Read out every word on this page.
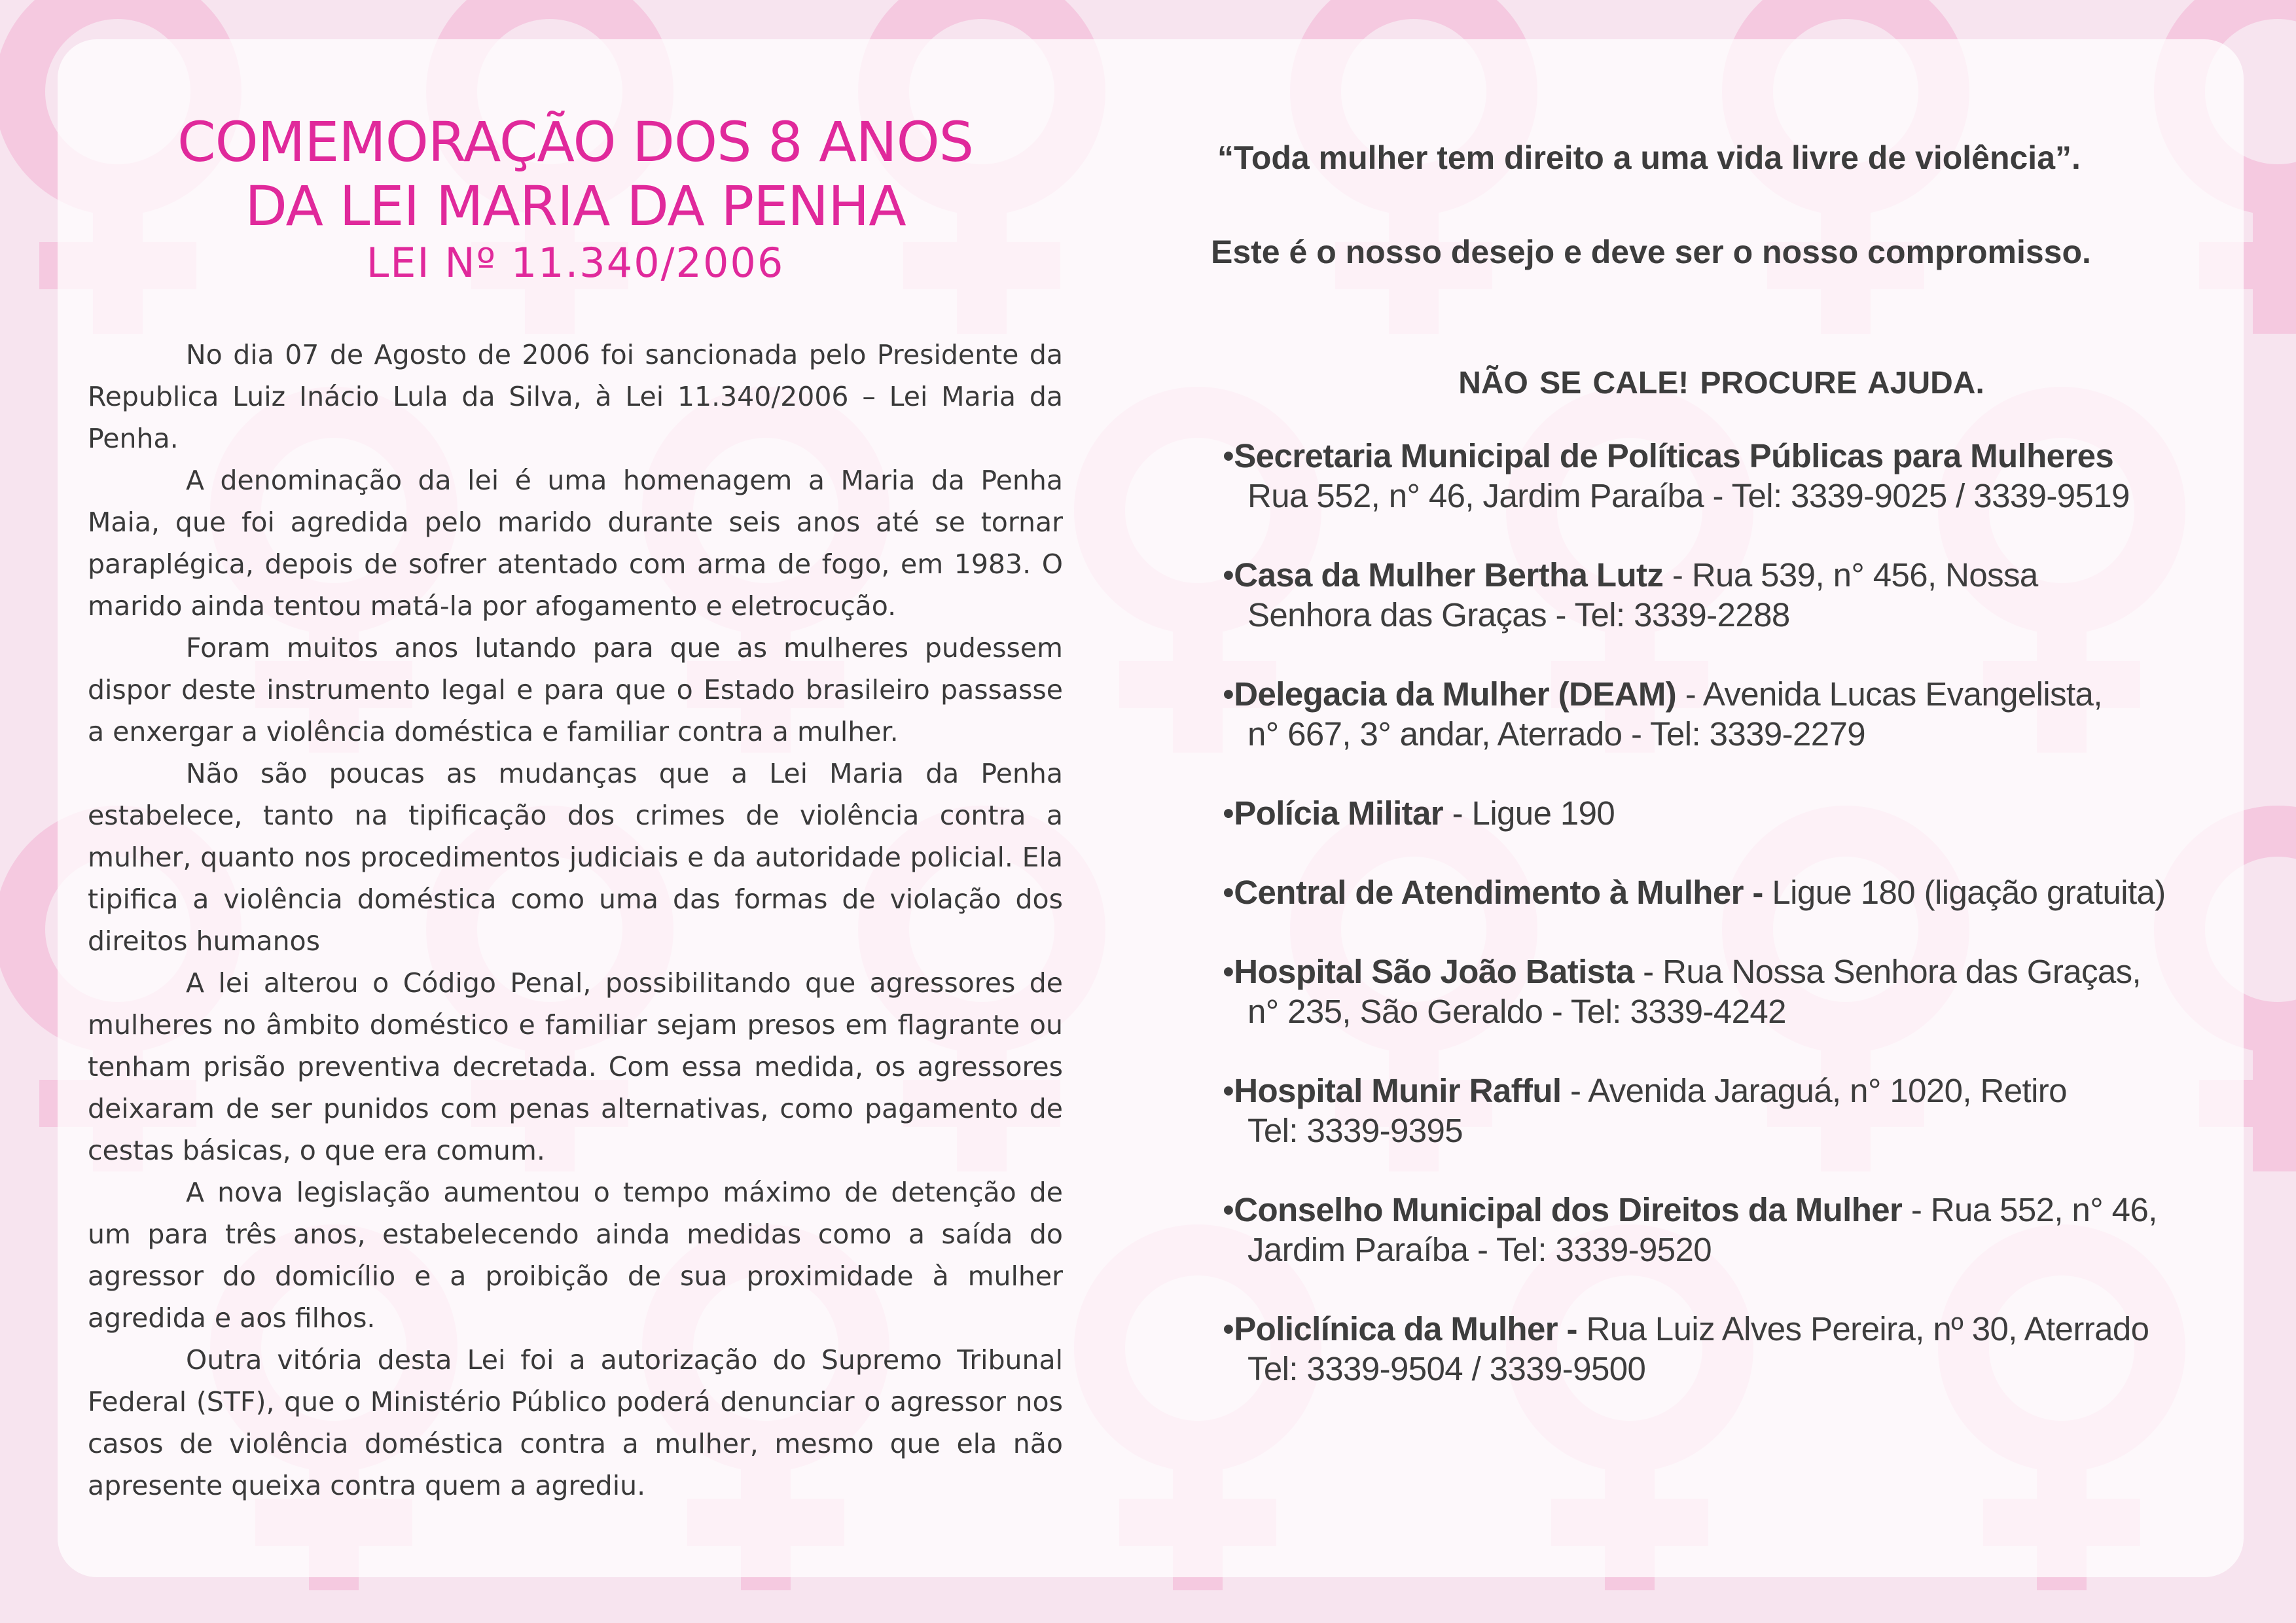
COMEMORAÇÃO DOS 8 ANOS
DA LEI MARIA DA PENHA
LEI Nº 11.340/2006

No dia 07 de Agosto de 2006 foi sancionada pelo Presidente da Republica Luiz Inácio Lula da Silva, à Lei 11.340/2006 – Lei Maria da Penha.

A denominação da lei é uma homenagem a Maria da Penha Maia, que foi agredida pelo marido durante seis anos até se tornar paraplégica, depois de sofrer atentado com arma de fogo, em 1983. O marido ainda tentou matá-la por afogamento e eletrocução.

Foram muitos anos lutando para que as mulheres pudessem dispor deste instrumento legal e para que o Estado brasileiro passasse a enxergar a violência doméstica e familiar contra a mulher.

Não são poucas as mudanças que a Lei Maria da Penha estabelece, tanto na tipificação dos crimes de violência contra a mulher, quanto nos procedimentos judiciais e da autoridade policial. Ela tipifica a violência doméstica como uma das formas de violação dos direitos humanos

A lei alterou o Código Penal, possibilitando que agressores de mulheres no âmbito doméstico e familiar sejam presos em flagrante ou tenham prisão preventiva decretada. Com essa medida, os agressores deixaram de ser punidos com penas alternativas, como pagamento de cestas básicas, o que era comum.

A nova legislação aumentou o tempo máximo de detenção de um para três anos, estabelecendo ainda medidas como a saída do agressor do domicílio e a proibição de sua proximidade à mulher agredida e aos filhos.

Outra vitória desta Lei foi a autorização do Supremo Tribunal Federal (STF), que o Ministério Público poderá denunciar o agressor nos casos de violência doméstica contra a mulher, mesmo que ela não apresente queixa contra quem a agrediu.

“Toda mulher tem direito a uma vida livre de violência”.
Este é o nosso desejo e deve ser o nosso compromisso.
NÃO SE CALE! PROCURE AJUDA.
•Secretaria Municipal de Políticas Públicas para Mulheres
Rua 552, n° 46, Jardim Paraíba - Tel: 3339-9025 / 3339-9519
•Casa da Mulher Bertha Lutz - Rua 539, n° 456, Nossa
Senhora das Graças - Tel: 3339-2288
•Delegacia da Mulher (DEAM) - Avenida Lucas Evangelista,
n° 667, 3° andar, Aterrado - Tel: 3339-2279
•Polícia Militar - Ligue 190
•Central de Atendimento à Mulher - Ligue 180 (ligação gratuita)
•Hospital São João Batista - Rua Nossa Senhora das Graças,
n° 235, São Geraldo - Tel: 3339-4242
•Hospital Munir Rafful - Avenida Jaraguá, n° 1020, Retiro
Tel: 3339-9395
•Conselho Municipal dos Direitos da Mulher - Rua 552, n° 46,
Jardim Paraíba - Tel: 3339-9520
•Policlínica da Mulher - Rua Luiz Alves Pereira, nº 30, Aterrado
Tel: 3339-9504 / 3339-9500
